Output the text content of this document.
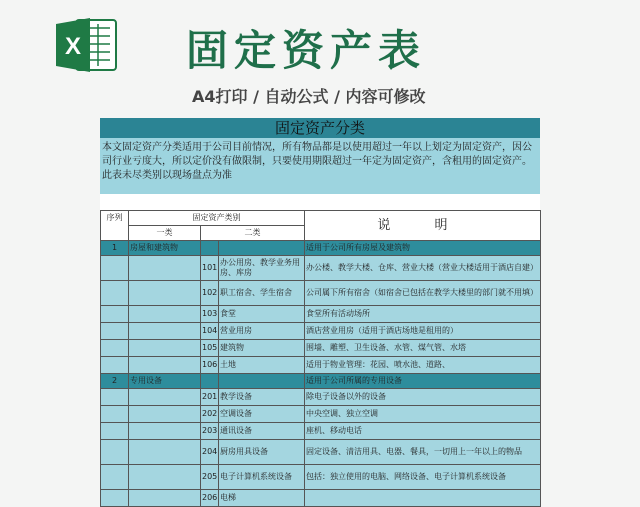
X 固定资产表
A4打印 / 自动公式 / 内容可修改
固定资产分类
本文固定资产分类适用于公司目前情况，所有物品都是以使用超过一年以上划定为固定资产，因公司行业亏度大，所以定价没有做限制，只要使用期限超过一年定为固定资产，含租用的固定资产。此表未尽类别以现场盘点为准
序列	固定资产类别			说 明
	一类	二类		
1	房屋和建筑物			适用于公司所有房屋及建筑物
		101	办公用房、教学业务用房、库房	办公楼、教学大楼、仓库、营业大楼（营业大楼适用于酒店自建）
		102	职工宿舍、学生宿舍	公司属下所有宿舍（如宿舍已包括在教学大楼里的部门就不用填）
		103	食堂	食堂所有活动场所
		104	营业用房	酒店营业用房（适用于酒店场地是租用的）
		105	建筑物	围墙、雕塑、卫生设备、水管、煤气管、水塔
		106	土地	适用于物业管理：花园、喷水池、道路、
2	专用设备			适用于公司所属的专用设备
		201	教学设备	除电子设备以外的设备
		202	空调设备	中央空调、独立空调
		203	通讯设备	座机、移动电话
		204	厨房用具设备	固定设备、清洁用具、电器、餐具，一切用上一年以上的物品
		205	电子计算机系统设备	包括：独立使用的电脑、网络设备、电子计算机系统设备
		206	电梯	
